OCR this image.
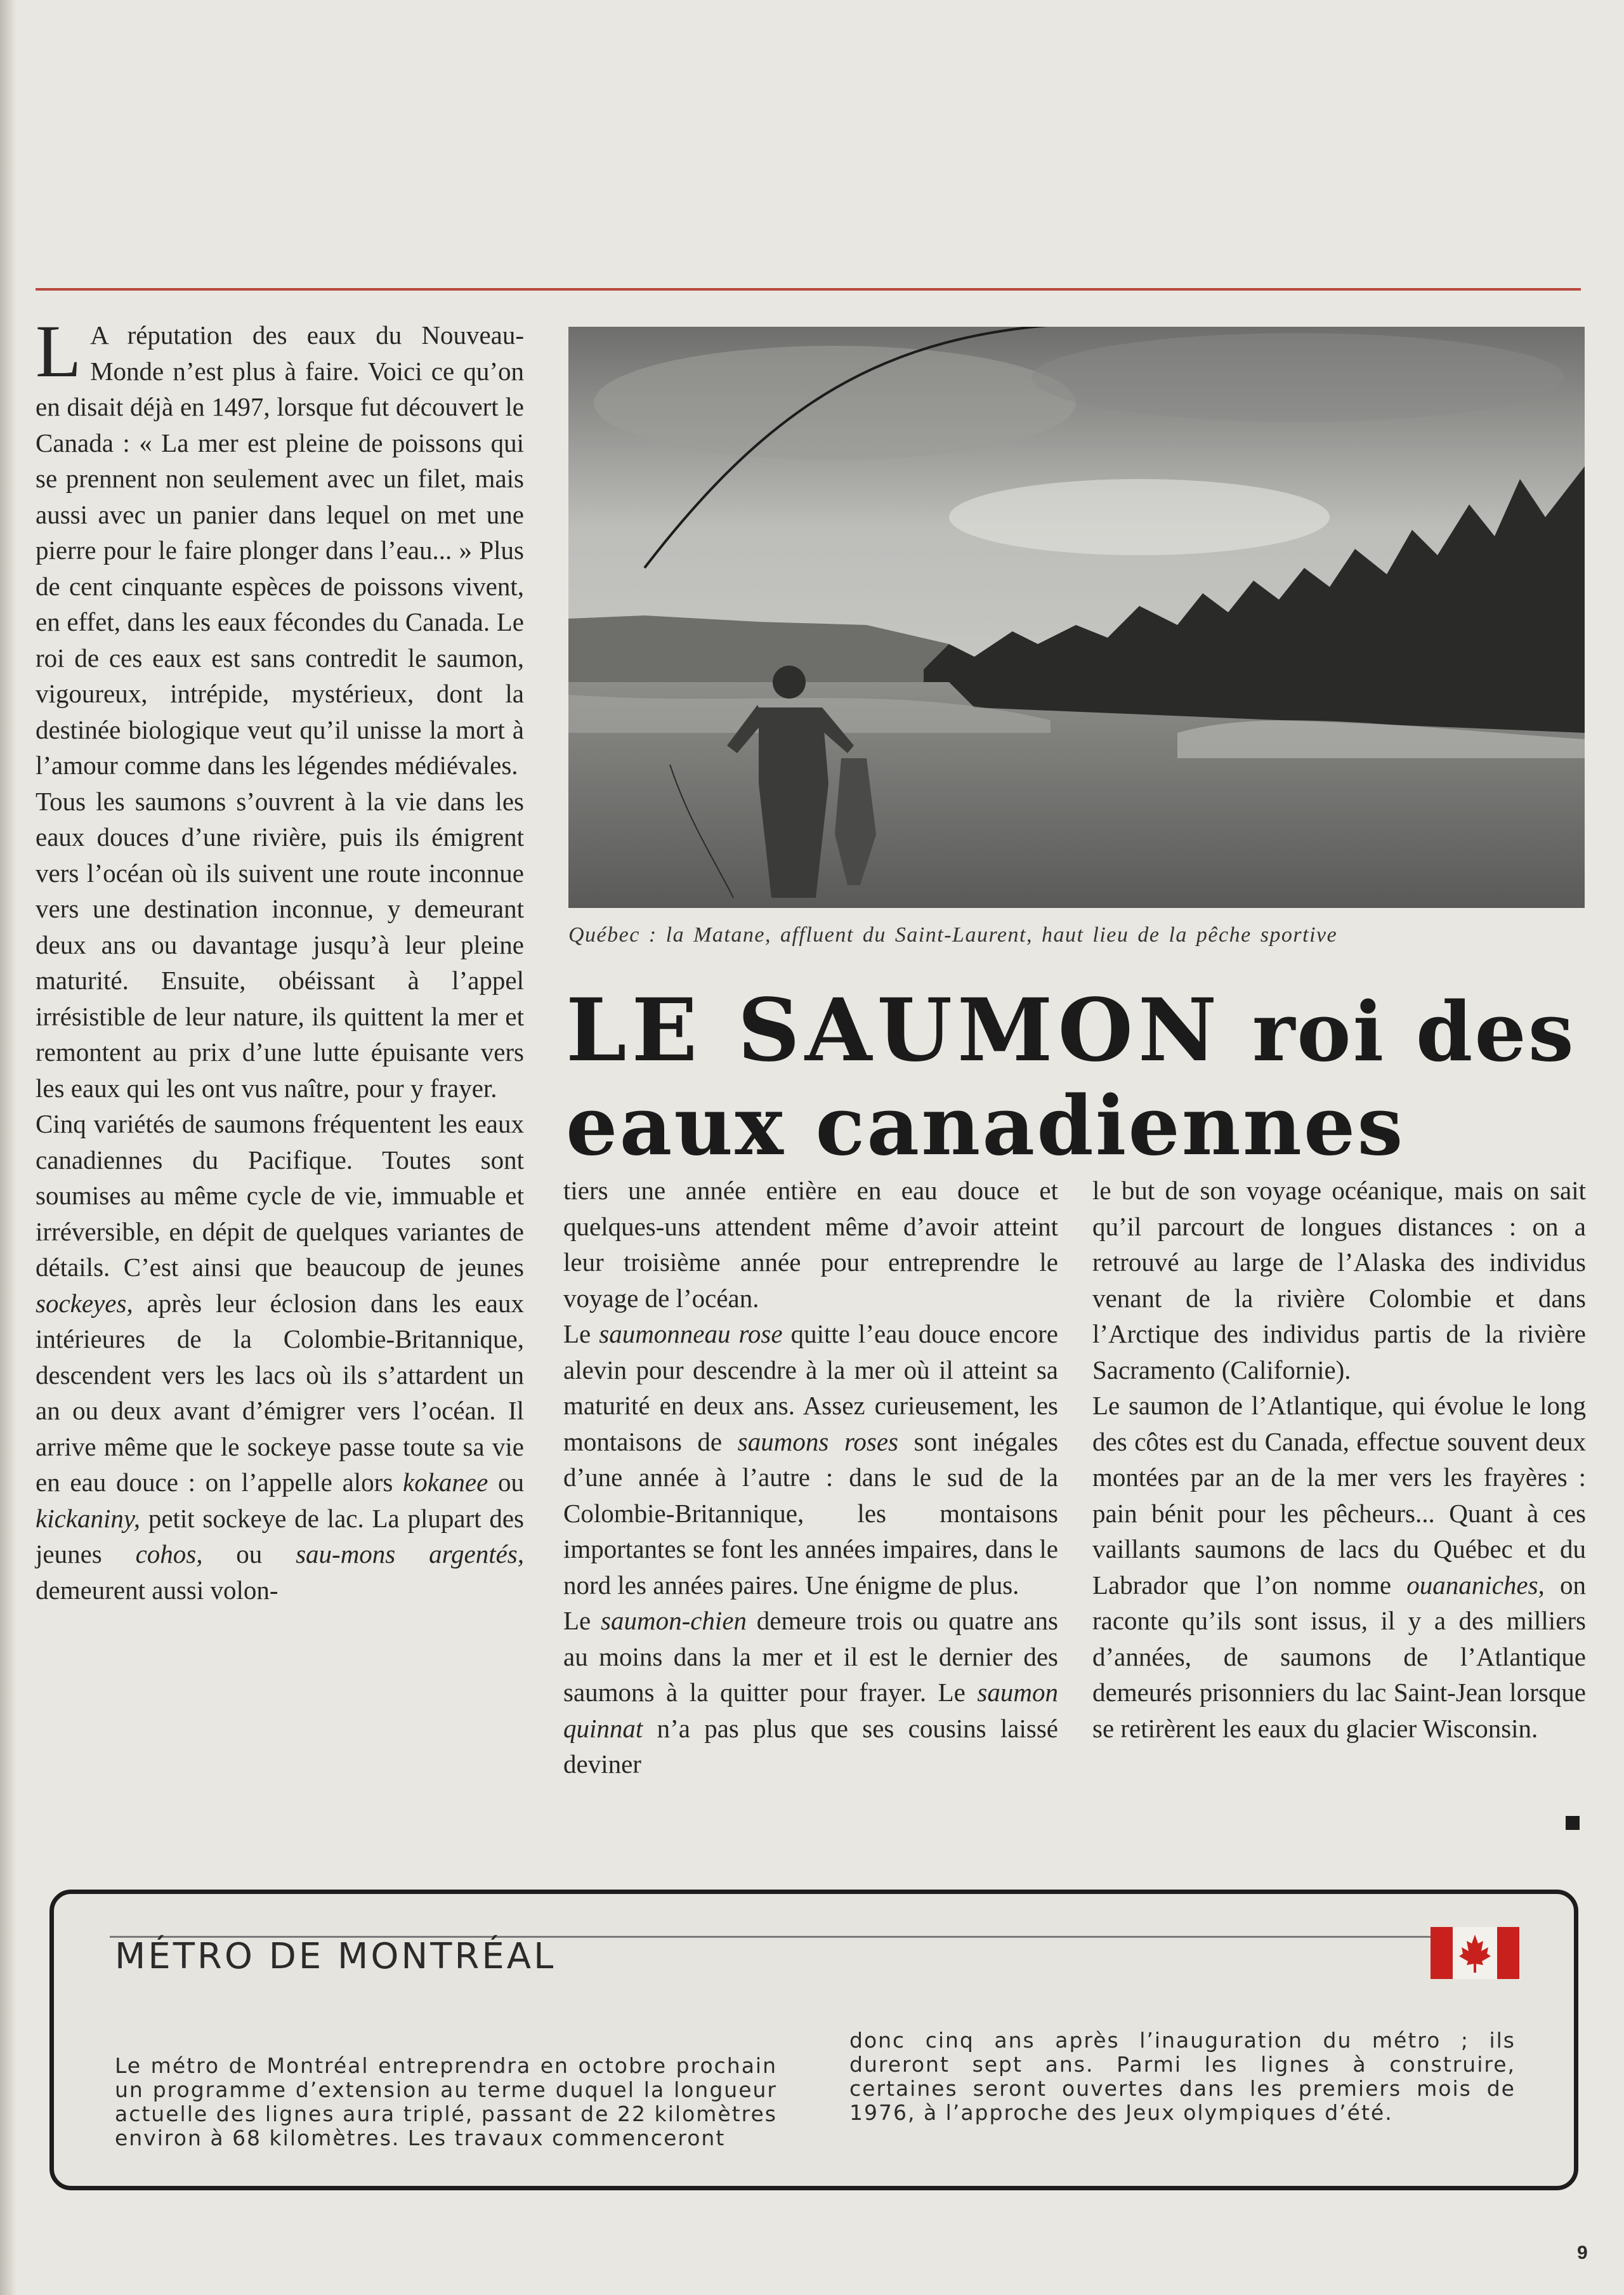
L A réputation des eaux du Nouveau-Monde n’est plus à faire. Voici ce qu’on en disait déjà en 1497, lorsque fut découvert le Canada : « La mer est pleine de poissons qui se prennent non seulement avec un filet, mais aussi avec un panier dans lequel on met une pierre pour le faire plonger dans l’eau... » Plus de cent cinquante espèces de poissons vivent, en effet, dans les eaux fécondes du Canada. Le roi de ces eaux est sans contredit le saumon, vigoureux, intrépide, mystérieux, dont la destinée biologique veut qu’il unisse la mort à l’amour comme dans les légendes médiévales.

Tous les saumons s’ouvrent à la vie dans les eaux douces d’une rivière, puis ils émigrent vers l’océan où ils suivent une route inconnue vers une destination inconnue, y demeurant deux ans ou davantage jusqu’à leur pleine maturité. Ensuite, obéissant à l’appel irrésistible de leur nature, ils quittent la mer et remontent au prix d’une lutte épuisante vers les eaux qui les ont vus naître, pour y frayer.

Cinq variétés de saumons fréquentent les eaux canadiennes du Pacifique. Toutes sont soumises au même cycle de vie, immuable et irréversible, en dépit de quelques variantes de détails. C’est ainsi que beaucoup de jeunes sockeyes, après leur éclosion dans les eaux intérieures de la Colombie-Britannique, descendent vers les lacs où ils s’attardent un an ou deux avant d’émigrer vers l’océan. Il arrive même que le sockeye passe toute sa vie en eau douce : on l’appelle alors kokanee ou kickaniny, petit sockeye de lac. La plupart des jeunes cohos, ou sau-mons argentés, demeurent aussi volon-

Québec : la Matane, affluent du Saint-Laurent, haut lieu de la pêche sportive
LE SAUMON roi des
eaux canadiennes

tiers une année entière en eau douce et quelques-uns attendent même d’avoir atteint leur troisième année pour entreprendre le voyage de l’océan.

Le saumonneau rose quitte l’eau douce encore alevin pour descendre à la mer où il atteint sa maturité en deux ans. Assez curieusement, les montaisons de saumons roses sont inégales d’une année à l’autre : dans le sud de la Colombie-Britannique, les montaisons importantes se font les années impaires, dans le nord les années paires. Une énigme de plus.

Le saumon-chien demeure trois ou quatre ans au moins dans la mer et il est le dernier des saumons à la quitter pour frayer. Le saumon quinnat n’a pas plus que ses cousins laissé deviner

le but de son voyage océanique, mais on sait qu’il parcourt de longues distances : on a retrouvé au large de l’Alaska des individus venant de la rivière Colombie et dans l’Arctique des individus partis de la rivière Sacramento (Californie).

Le saumon de l’Atlantique, qui évolue le long des côtes est du Canada, effectue souvent deux montées par an de la mer vers les frayères : pain bénit pour les pêcheurs... Quant à ces vaillants saumons de lacs du Québec et du Labrador que l’on nomme ouananiches, on raconte qu’ils sont issus, il y a des milliers d’années, de saumons de l’Atlantique demeurés prisonniers du lac Saint-Jean lorsque se retirèrent les eaux du glacier Wisconsin.

MÉTRO DE MONTRÉAL
Le métro de Montréal entreprendra en octobre prochain un programme d’extension au terme duquel la longueur actuelle des lignes aura triplé, passant de 22 kilomètres environ à 68 kilomètres. Les travaux commenceront
donc cinq ans après l’inauguration du métro ; ils dureront sept ans. Parmi les lignes à construire, certaines seront ouvertes dans les premiers mois de 1976, à l’approche des Jeux olympiques d’été.
9
